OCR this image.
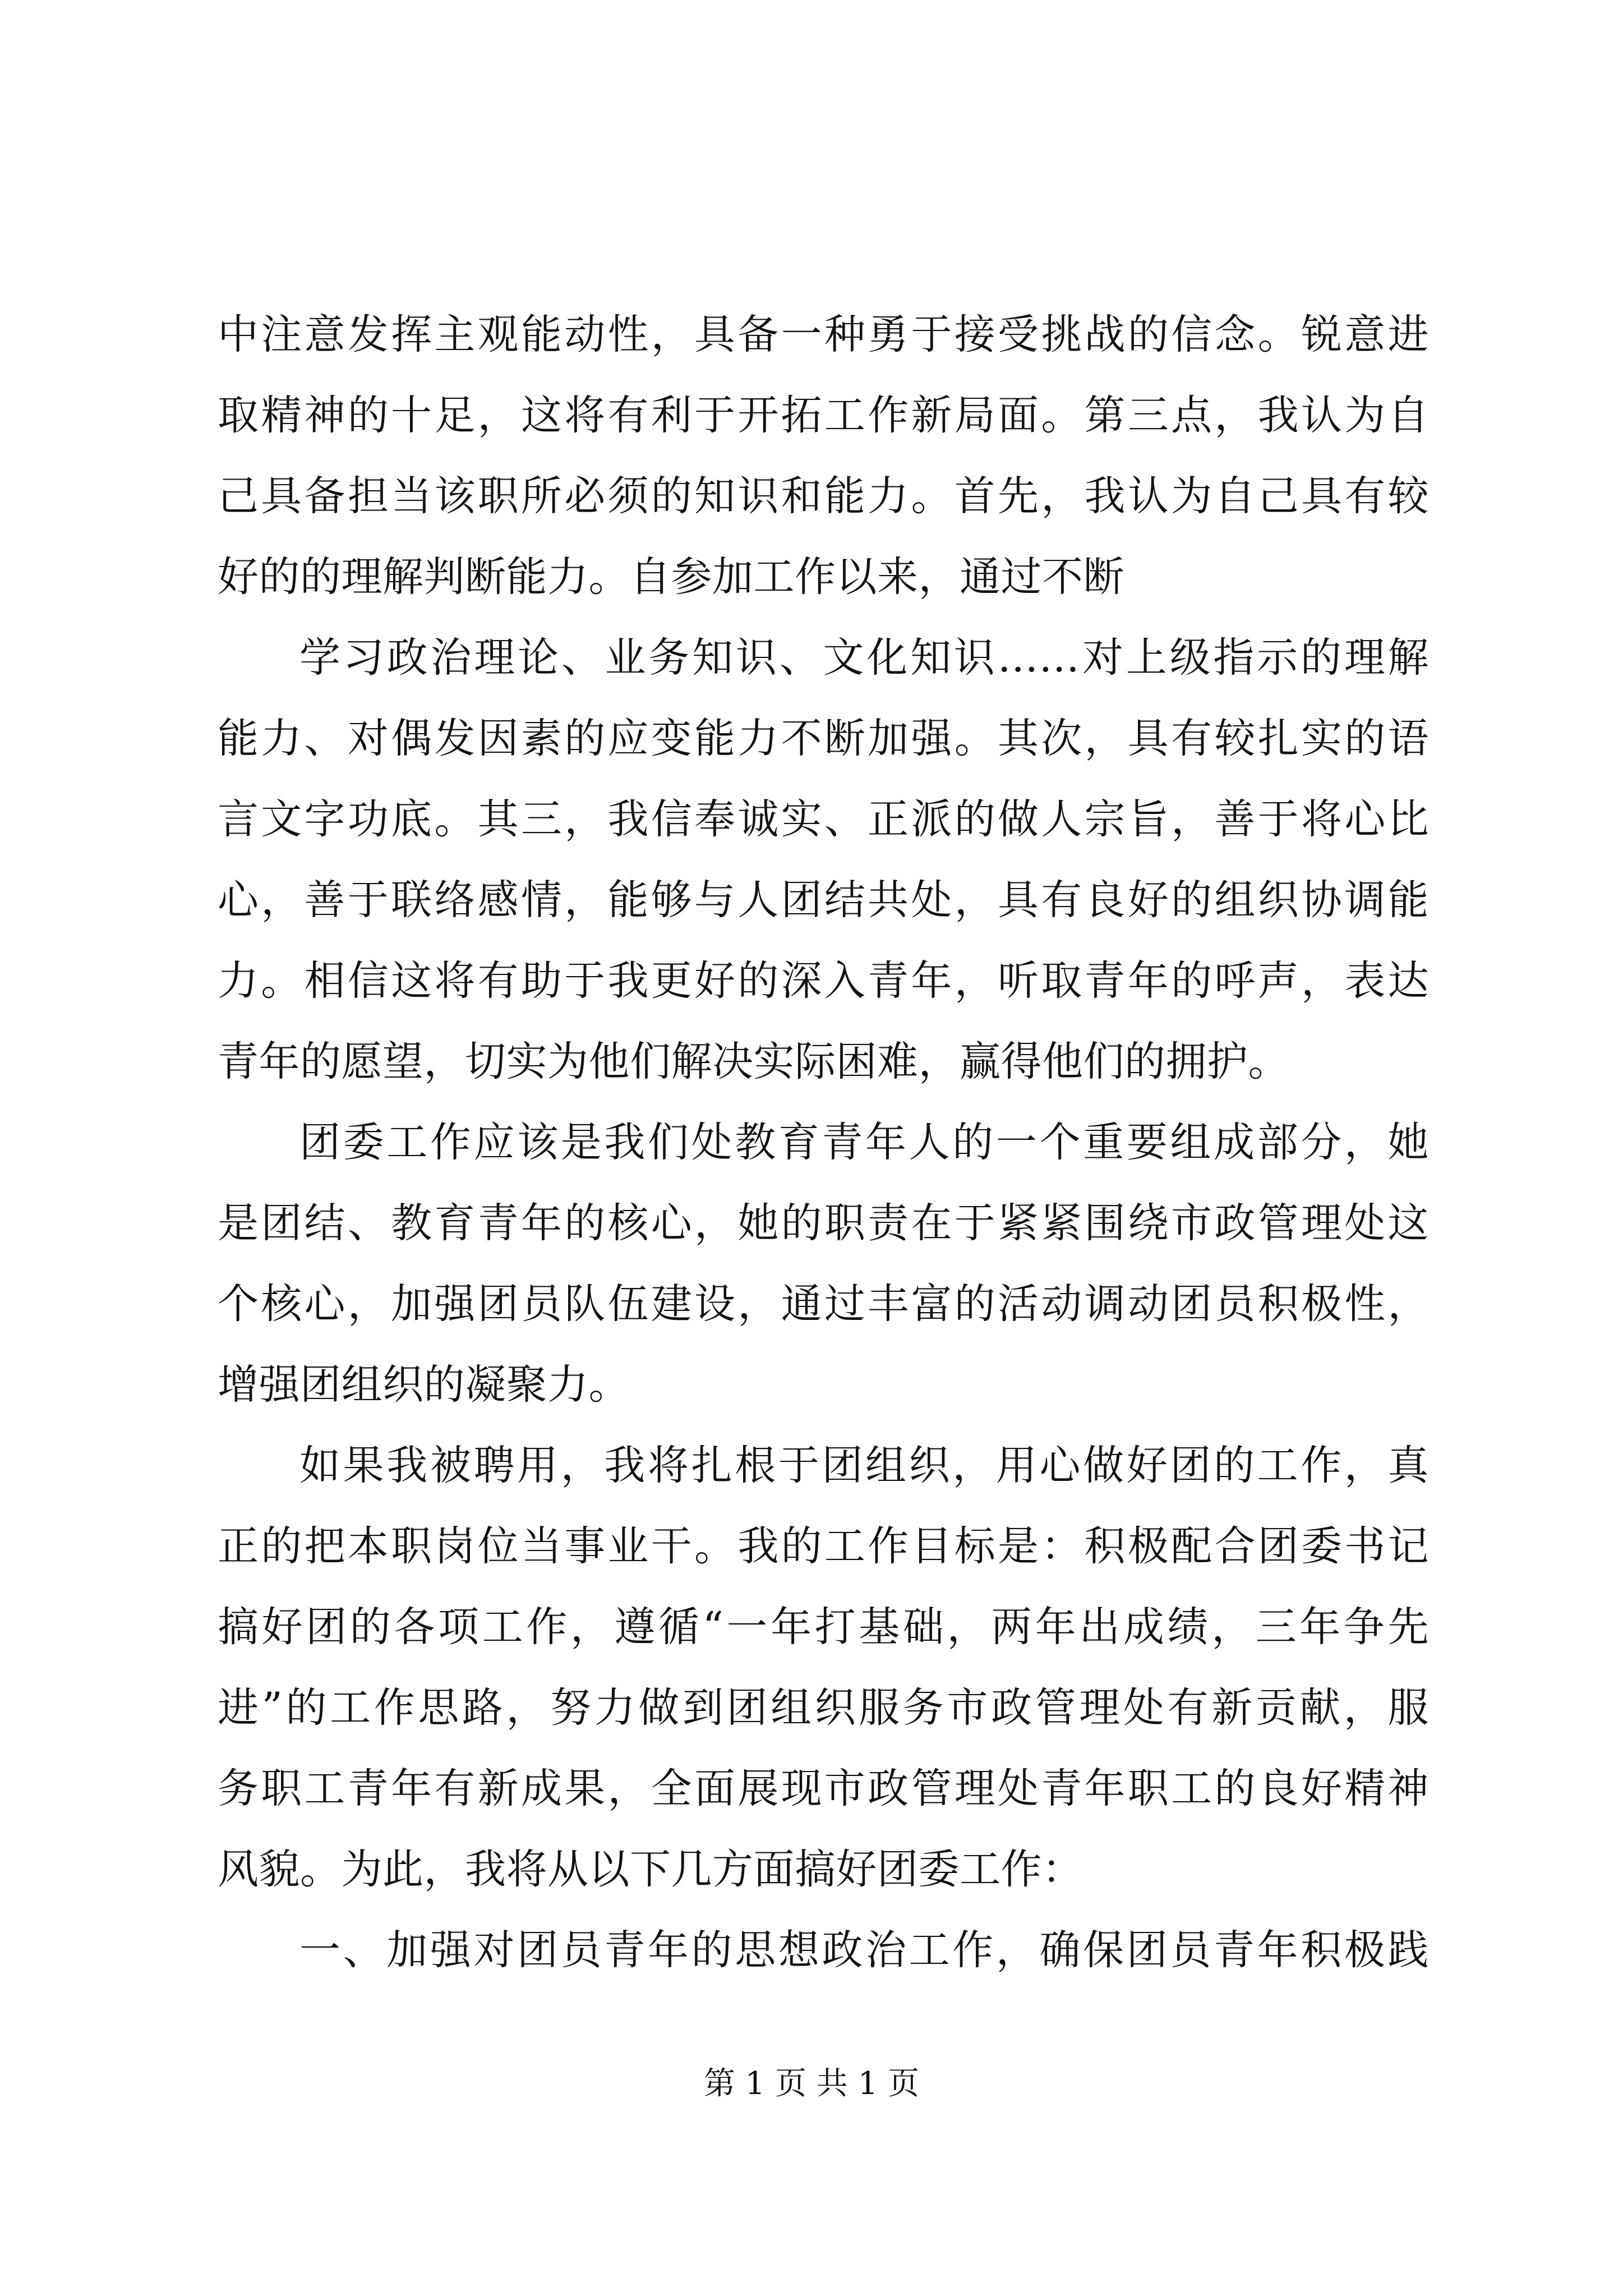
中注意发挥主观能动性，具备一种勇于接受挑战的信念。锐意进
取精神的十足，这将有利于开拓工作新局面。第三点，我认为自
己具备担当该职所必须的知识和能力。首先，我认为自己具有较
好的的理解判断能力。自参加工作以来，通过不断
学习政治理论、业务知识、文化知识……对上级指示的理解
能力、对偶发因素的应变能力不断加强。其次，具有较扎实的语
言文字功底。其三，我信奉诚实、正派的做人宗旨，善于将心比
心，善于联络感情，能够与人团结共处，具有良好的组织协调能
力。相信这将有助于我更好的深入青年，听取青年的呼声，表达
青年的愿望，切实为他们解决实际困难，赢得他们的拥护。
团委工作应该是我们处教育青年人的一个重要组成部分，她
是团结、教育青年的核心，她的职责在于紧紧围绕市政管理处这
个核心，加强团员队伍建设，通过丰富的活动调动团员积极性，
增强团组织的凝聚力。
如果我被聘用，我将扎根于团组织，用心做好团的工作，真
正的把本职岗位当事业干。我的工作目标是：积极配合团委书记
搞好团的各项工作，遵循“一年打基础，两年出成绩，三年争先
进”的工作思路，努力做到团组织服务市政管理处有新贡献，服
务职工青年有新成果，全面展现市政管理处青年职工的良好精神
风貌。为此，我将从以下几方面搞好团委工作：
一、加强对团员青年的思想政治工作，确保团员青年积极践
第 1 页 共 1 页
